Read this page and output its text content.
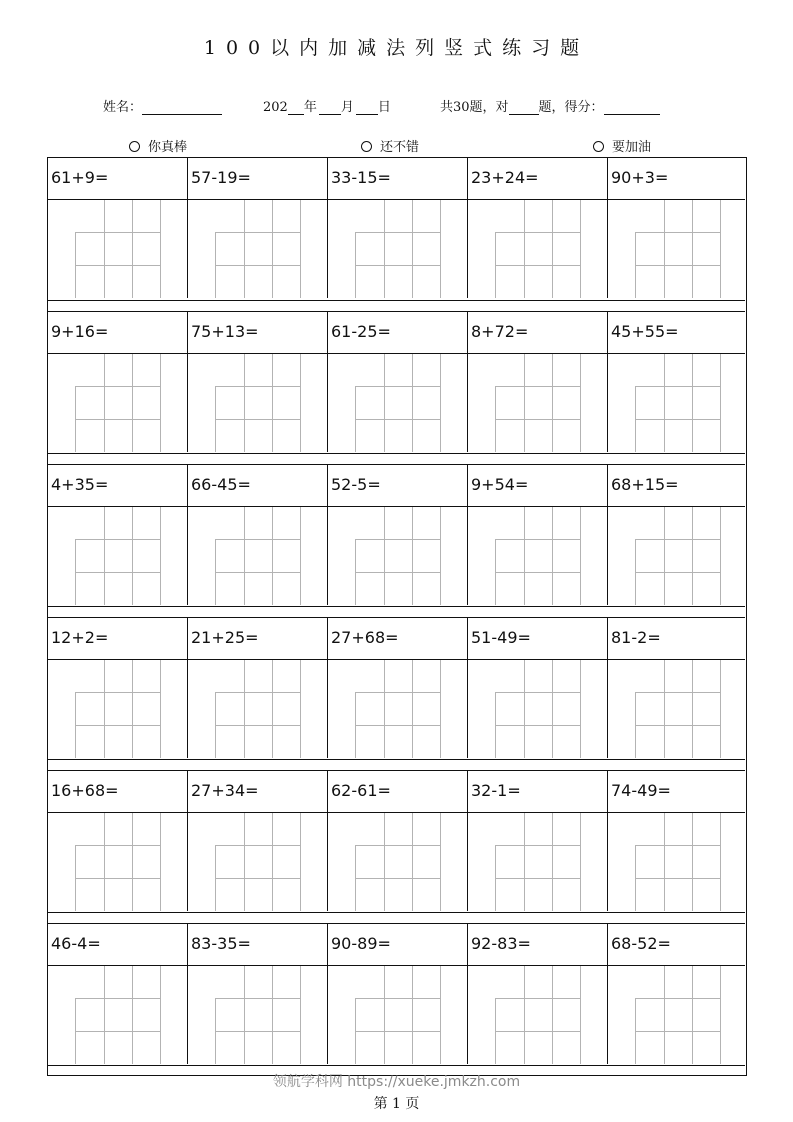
100以内加减法列竖式练习题
姓名：	202 年 月 日	共30题，对 题，得分：
你真棒	还不错	要加油
61+9=	57-19=	33-15=	23+24=	90+3=
9+16=	75+13=	61-25=	8+72=	45+55=
4+35=	66-45=	52-5=	9+54=	68+15=
12+2=	21+25=	27+68=	51-49=	81-2=
16+68=	27+34=	62-61=	32-1=	74-49=
46-4=	83-35=	90-89=	92-83=	68-52=
领航学科网 https://xueke.jmkzh.com
第 1 页
